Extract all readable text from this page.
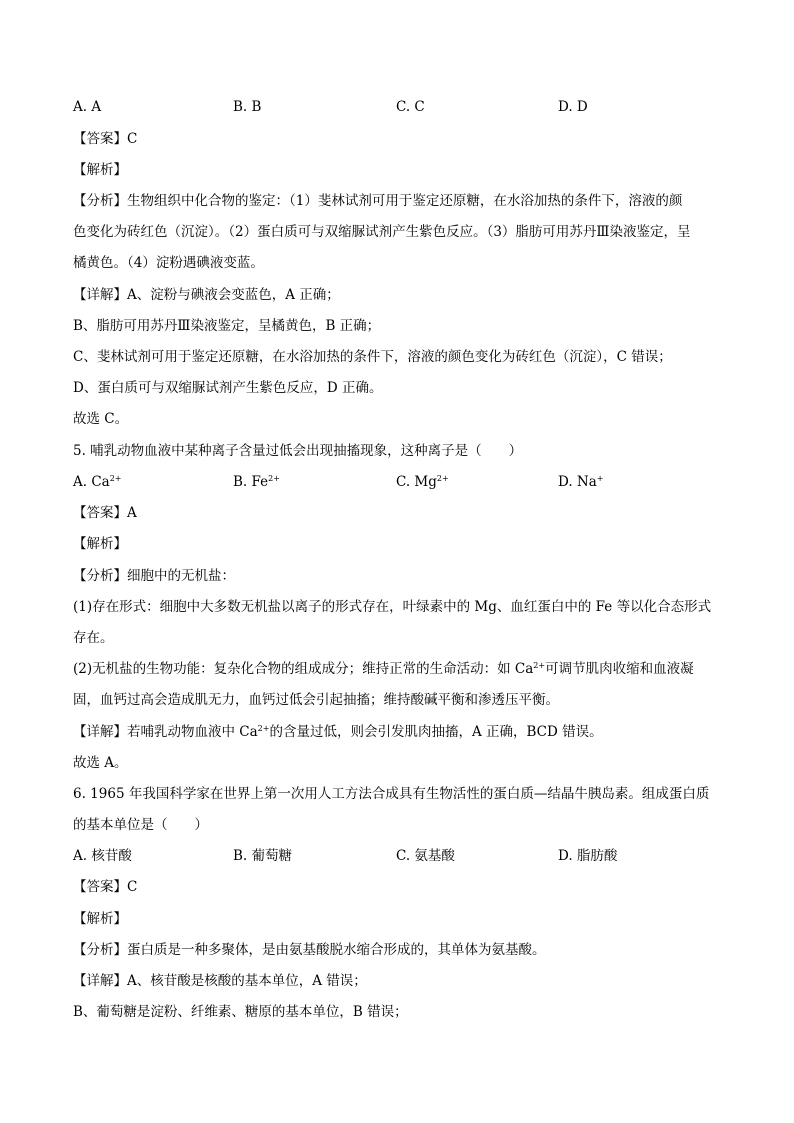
A. A	B. B	C. C	D. D
【答案】C
【解析】
【分析】生物组织中化合物的鉴定：（1）斐林试剂可用于鉴定还原糖，在水浴加热的条件下，溶液的颜
色变化为砖红色（沉淀）。（2）蛋白质可与双缩脲试剂产生紫色反应。（3）脂肪可用苏丹Ⅲ染液鉴定，呈
橘黄色。（4）淀粉遇碘液变蓝。
【详解】A、淀粉与碘液会变蓝色，A 正确；
B、脂肪可用苏丹Ⅲ染液鉴定，呈橘黄色，B 正确；
C、斐林试剂可用于鉴定还原糖，在水浴加热的条件下，溶液的颜色变化为砖红色（沉淀），C 错误；
D、蛋白质可与双缩脲试剂产生紫色反应，D 正确。
故选 C。
5. 哺乳动物血液中某种离子含量过低会出现抽搐现象，这种离子是（　　）
A. $Ca^{2+}$	B. $Fe^{2+}$	C. $Mg^{2+}$	D. Na+
【答案】A
【解析】
【分析】细胞中的无机盐：
(1)存在形式：细胞中大多数无机盐以离子的形式存在，叶绿素中的 Mg、血红蛋白中的 Fe 等以化合态形式
存在。
(2)无机盐的生物功能：复杂化合物的组成成分；维持正常的生命活动：如 $Ca^{2+}$可调节肌肉收缩和血液凝
固，血钙过高会造成肌无力，血钙过低会引起抽搐；维持酸碱平衡和渗透压平衡。
【详解】若哺乳动物血液中 $Ca^{2+}$的含量过低，则会引发肌肉抽搐，A 正确，BCD 错误。
故选 A。
6. 1965 年我国科学家在世界上第一次用人工方法合成具有生物活性的蛋白质—结晶牛胰岛素。组成蛋白质
的基本单位是（　　）
A. 核苷酸	B. 葡萄糖	C. 氨基酸	D. 脂肪酸
【答案】C
【解析】
【分析】蛋白质是一种多聚体，是由氨基酸脱水缩合形成的，其单体为氨基酸。
【详解】A、核苷酸是核酸的基本单位，A 错误；
B、葡萄糖是淀粉、纤维素、糖原的基本单位，B 错误；
